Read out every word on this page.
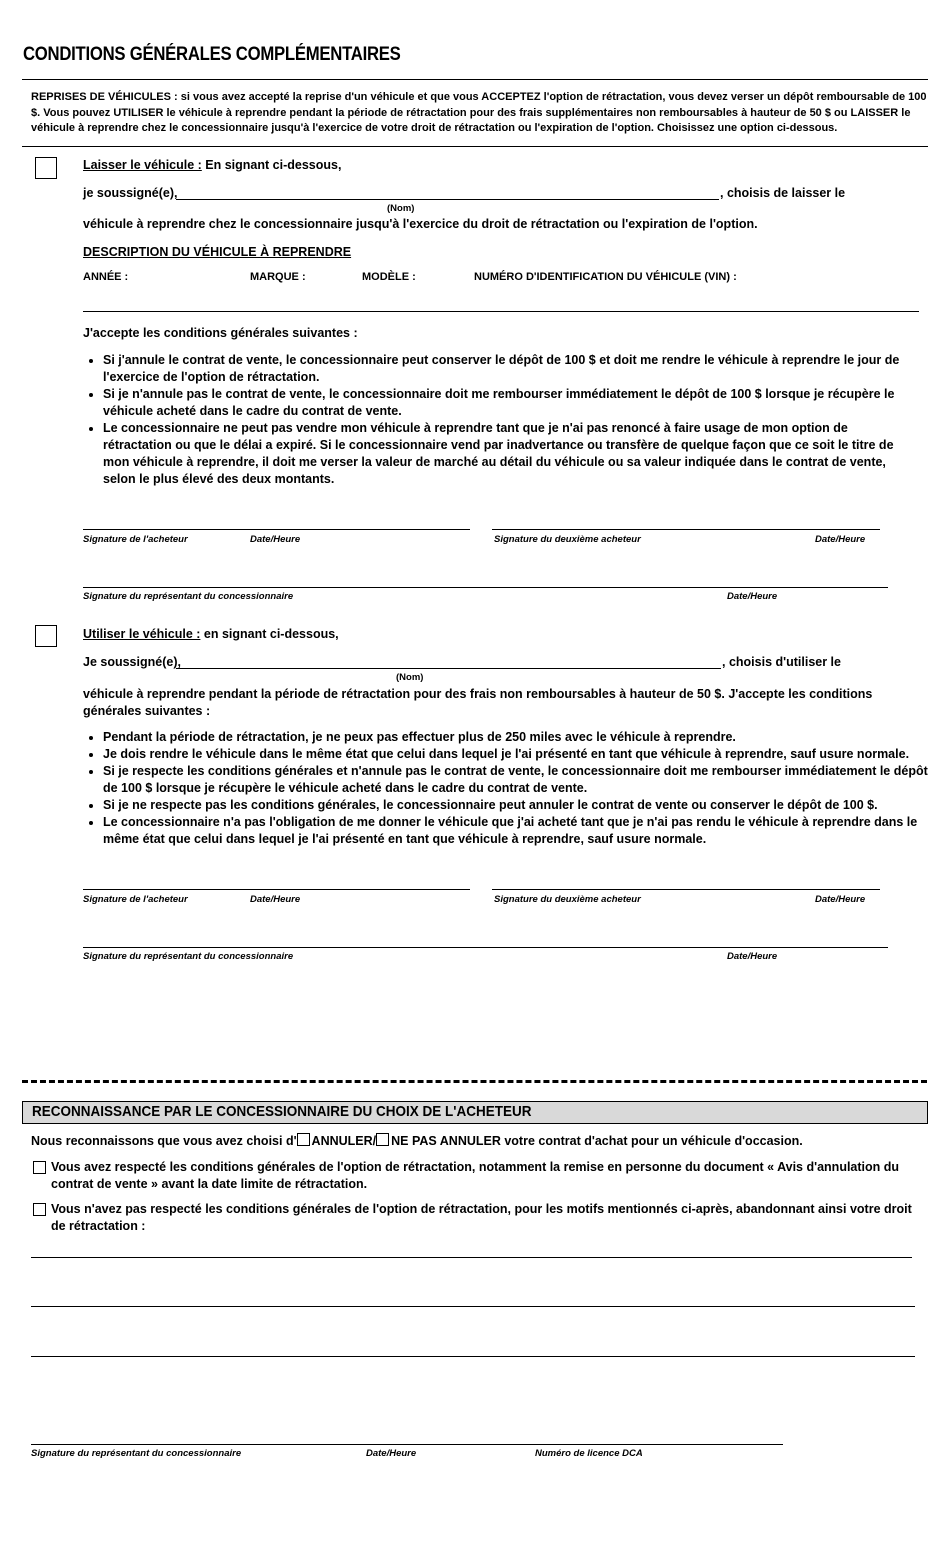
CONDITIONS GÉNÉRALES COMPLÉMENTAIRES
REPRISES DE VÉHICULES : si vous avez accepté la reprise d'un véhicule et que vous ACCEPTEZ l'option de rétractation, vous devez verser un dépôt remboursable de 100 $. Vous pouvez UTILISER le véhicule à reprendre pendant la période de rétractation pour des frais supplémentaires non remboursables à hauteur de 50 $ ou LAISSER le véhicule à reprendre chez le concessionnaire jusqu'à l'exercice de votre droit de rétractation ou l'expiration de l'option. Choisissez une option ci-dessous.
Laisser le véhicule : En signant ci-dessous,
je soussigné(e),	, choisis de laisser le
(Nom)
véhicule à reprendre chez le concessionnaire jusqu'à l'exercice du droit de rétractation ou l'expiration de l'option.
DESCRIPTION DU VÉHICULE À REPRENDRE
ANNÉE :	MARQUE :	MODÈLE :	NUMÉRO D'IDENTIFICATION DU VÉHICULE (VIN) :
J'accepte les conditions générales suivantes :
• Si j'annule le contrat de vente, le concessionnaire peut conserver le dépôt de 100 $ et doit me rendre le véhicule à reprendre le jour de l'exercice de l'option de rétractation.
• Si je n'annule pas le contrat de vente, le concessionnaire doit me rembourser immédiatement le dépôt de 100 $ lorsque je récupère le véhicule acheté dans le cadre du contrat de vente.
• Le concessionnaire ne peut pas vendre mon véhicule à reprendre tant que je n'ai pas renoncé à faire usage de mon option de rétractation ou que le délai a expiré. Si le concessionnaire vend par inadvertance ou transfère de quelque façon que ce soit le titre de mon véhicule à reprendre, il doit me verser la valeur de marché au détail du véhicule ou sa valeur indiquée dans le contrat de vente, selon le plus élevé des deux montants.
Signature de l'acheteur	Date/Heure	Signature du deuxième acheteur	Date/Heure
Signature du représentant du concessionnaire	Date/Heure
Utiliser le véhicule : en signant ci-dessous,
Je soussigné(e),	, choisis d'utiliser le
(Nom)
véhicule à reprendre pendant la période de rétractation pour des frais non remboursables à hauteur de 50 $. J'accepte les conditions générales suivantes :
• Pendant la période de rétractation, je ne peux pas effectuer plus de 250 miles avec le véhicule à reprendre.
• Je dois rendre le véhicule dans le même état que celui dans lequel je l'ai présenté en tant que véhicule à reprendre, sauf usure normale.
• Si je respecte les conditions générales et n'annule pas le contrat de vente, le concessionnaire doit me rembourser immédiatement le dépôt de 100 $ lorsque je récupère le véhicule acheté dans le cadre du contrat de vente.
• Si je ne respecte pas les conditions générales, le concessionnaire peut annuler le contrat de vente ou conserver le dépôt de 100 $.
• Le concessionnaire n'a pas l'obligation de me donner le véhicule que j'ai acheté tant que je n'ai pas rendu le véhicule à reprendre dans le même état que celui dans lequel je l'ai présenté en tant que véhicule à reprendre, sauf usure normale.
Signature de l'acheteur	Date/Heure	Signature du deuxième acheteur	Date/Heure
Signature du représentant du concessionnaire	Date/Heure
RECONNAISSANCE PAR LE CONCESSIONNAIRE DU CHOIX DE L'ACHETEUR
Nous reconnaissons que vous avez choisi d' ANNULER/ NE PAS ANNULER votre contrat d'achat pour un véhicule d'occasion.
Vous avez respecté les conditions générales de l'option de rétractation, notamment la remise en personne du document « Avis d'annulation du contrat de vente » avant la date limite de rétractation.
Vous n'avez pas respecté les conditions générales de l'option de rétractation, pour les motifs mentionnés ci-après, abandonnant ainsi votre droit de rétractation :
Signature du représentant du concessionnaire	Date/Heure	Numéro de licence DCA
